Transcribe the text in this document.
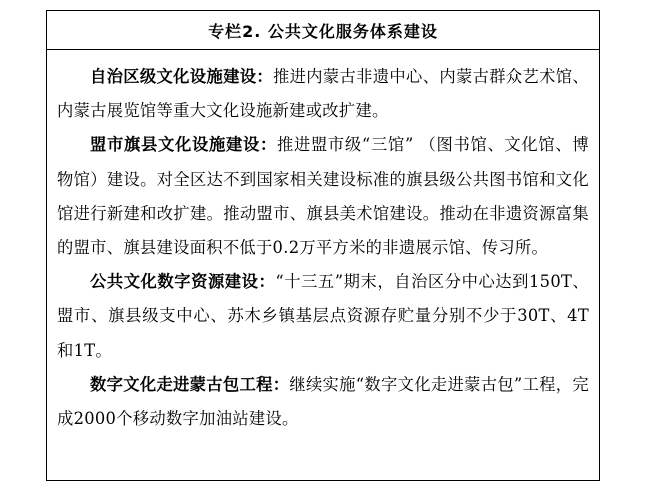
专栏2. 公共文化服务体系建设

自治区级文化设施建设：推进内蒙古非遗中心、内蒙古群众艺术馆、内蒙古展览馆等重大文化设施新建或改扩建。

盟市旗县文化设施建设：推进盟市级“三馆” （图书馆、文化馆、博物馆）建设。对全区达不到国家相关建设标准的旗县级公共图书馆和文化馆进行新建和改扩建。推动盟市、旗县美术馆建设。推动在非遗资源富集的盟市、旗县建设面积不低于0.2万平方米的非遗展示馆、传习所。

公共文化数字资源建设：“十三五”期末，自治区分中心达到150T、盟市、旗县级支中心、苏木乡镇基层点资源存贮量分别不少于30T、4T和1T。

数字文化走进蒙古包工程：继续实施“数字文化走进蒙古包”工程，完成2000个移动数字加油站建设。
